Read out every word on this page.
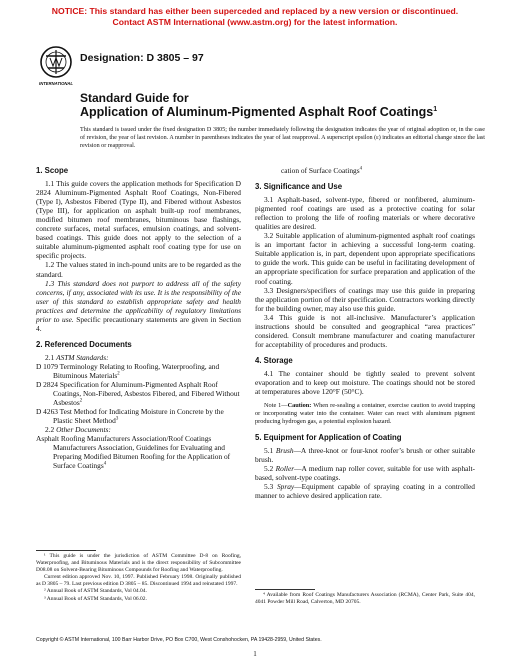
NOTICE: This standard has either been superceded and replaced by a new version or discontinued.
Contact ASTM International (www.astm.org) for the latest information.
INTERNATIONAL
Designation: D 3805 – 97
Standard Guide for
Application of Aluminum-Pigmented Asphalt Roof Coatings$^1$
This standard is issued under the fixed designation D 3805; the number immediately following the designation indicates the year of original adoption or, in the case of revision, the year of last revision. A number in parentheses indicates the year of last reapproval. A superscript epsilon (ε) indicates an editorial change since the last revision or reapproval.
1. Scope

1.1 This guide covers the application methods for Specification D 2824 Aluminum-Pigmented Asphalt Roof Coatings, Non-Fibered (Type I), Asbestos Fibered (Type II), and Fibered without Asbestos (Type III), for application on asphalt built-up roof membranes, modified bitumen roof membranes, bituminous base flashings, concrete surfaces, metal surfaces, emulsion coatings, and solvent-based coatings. This guide does not apply to the selection of a suitable aluminum-pigmented asphalt roof coating type for use on specific projects.

1.2 The values stated in inch-pound units are to be regarded as the standard.

1.3 This standard does not purport to address all of the safety concerns, if any, associated with its use. It is the responsibility of the user of this standard to establish appropriate safety and health practices and determine the applicability of regulatory limitations prior to use. Specific precautionary statements are given in Section 4.

2. Referenced Documents

2.1 ASTM Standards:

D 1079 Terminology Relating to Roofing, Waterproofing, and Bituminous Materials$^2$

D 2824 Specification for Aluminum-Pigmented Asphalt Roof Coatings, Non-Fibered, Asbestos Fibered, and Fibered Without Asbestos$^2$

D 4263 Test Method for Indicating Moisture in Concrete by the Plastic Sheet Method$^3$

2.2 Other Documents:

Asphalt Roofing Manufacturers Association/Roof Coatings Manufacturers Association, Guidelines for Evaluating and Preparing Modified Bitumen Roofing for the Application of Surface Coatings$^4$

cation of Surface Coatings$^4$

3. Significance and Use

3.1 Asphalt-based, solvent-type, fibered or nonfibered, aluminum-pigmented roof coatings are used as a protective coating for solar reflection to prolong the life of roofing materials or where decorative qualities are desired.

3.2 Suitable application of aluminum-pigmented asphalt roof coatings is an important factor in achieving a successful long-term coating. Suitable application is, in part, dependent upon appropriate specifications to guide the work. This guide can be useful in facilitating development of an appropriate specification for surface preparation and application of the roof coating.

3.3 Designers/specifiers of coatings may use this guide in preparing the application portion of their specification. Contractors working directly for the building owner, may also use this guide.

3.4 This guide is not all-inclusive. Manufacturer’s application instructions should be consulted and geographical “area practices” considered. Consult membrane manufacturer and coating manufacturer for acceptability of procedures and products.

4. Storage

4.1 The container should be tightly sealed to prevent solvent evaporation and to keep out moisture. The coatings should not be stored at temperatures above 120°F (50°C).

Note 1—Caution: When re-sealing a container, exercise caution to avoid trapping or incorporating water into the container. Water can react with aluminum pigment producing hydrogen gas, a potential explosion hazard.
5. Equipment for Application of Coating

5.1 Brush—A three-knot or four-knot roofer’s brush or other suitable brush.

5.2 Roller—A medium nap roller cover, suitable for use with asphalt-based, solvent-type coatings.

5.3 Spray—Equipment capable of spraying coating in a controlled manner to achieve desired application rate.

¹ This guide is under the jurisdiction of ASTM Committee D-8 on Roofing, Waterproofing, and Bituminous Materials and is the direct responsibility of Subcommittee D08.08 on Solvent-Bearing Bituminous Compounds for Roofing and Waterproofing.

Current edition approved Nov. 10, 1997. Published February 1998. Originally published as D 3805 – 79. Last previous edition D 3805 – 85. Discontinued 1994 and reinstated 1997.

² Annual Book of ASTM Standards, Vol 04.04.

³ Annual Book of ASTM Standards, Vol 06.02.

⁴ Available from Roof Coatings Manufacturers Association (RCMA), Center Park, Suite 404, 4041 Powder Mill Road, Calverton, MD 20705.

Copyright © ASTM International, 100 Barr Harbor Drive, PO Box C700, West Conshohocken, PA 19428-2959, United States.
1
